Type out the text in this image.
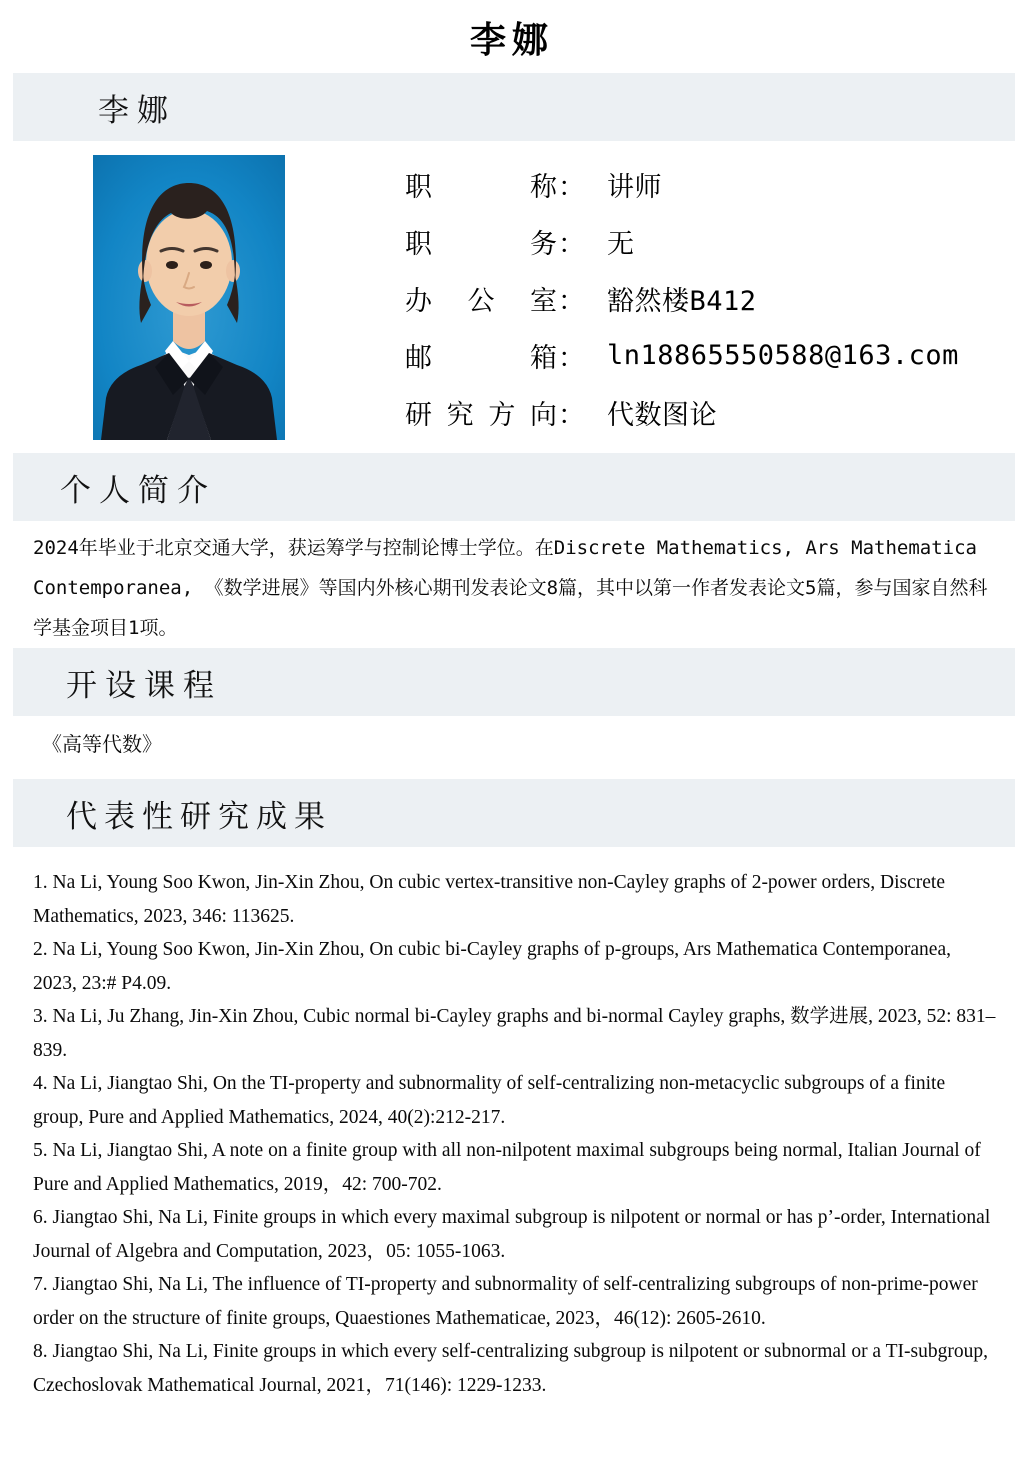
李娜
李娜
职称 ： 讲师
职务 ： 无
办公室 ： 豁然楼B412
邮箱 ： ln18865550588@163.com
研究方向 ： 代数图论
个人简介
2024年毕业于北京交通大学，获运筹学与控制论博士学位。在Discrete Mathematics, Ars Mathematica Contemporanea, 《数学进展》等国内外核心期刊发表论文8篇，其中以第一作者发表论文5篇，参与国家自然科学基金项目1项。
开设课程
《高等代数》
代表性研究成果
1. Na Li, Young Soo Kwon, Jin-Xin Zhou, On cubic vertex-transitive non-Cayley graphs of 2-power orders, Discrete Mathematics, 2023, 346: 113625.
2. Na Li, Young Soo Kwon, Jin-Xin Zhou, On cubic bi-Cayley graphs of p-groups, Ars Mathematica Contemporanea, 2023, 23:# P4.09.
3. Na Li, Ju Zhang, Jin-Xin Zhou, Cubic normal bi-Cayley graphs and bi-normal Cayley graphs, 数学进展, 2023, 52: 831–839.
4. Na Li, Jiangtao Shi, On the TI-property and subnormality of self-centralizing non-metacyclic subgroups of a finite group, Pure and Applied Mathematics, 2024, 40(2):212-217.
5. Na Li, Jiangtao Shi, A note on a finite group with all non-nilpotent maximal subgroups being normal, Italian Journal of Pure and Applied Mathematics, 2019，42: 700-702.
6. Jiangtao Shi, Na Li, Finite groups in which every maximal subgroup is nilpotent or normal or has p’-order, International Journal of Algebra and Computation, 2023，05: 1055-1063.
7. Jiangtao Shi, Na Li, The influence of TI-property and subnormality of self-centralizing subgroups of non-prime-power order on the structure of finite groups, Quaestiones Mathematicae, 2023，46(12): 2605-2610.
8. Jiangtao Shi, Na Li, Finite groups in which every self-centralizing subgroup is nilpotent or subnormal or a TI-subgroup, Czechoslovak Mathematical Journal, 2021，71(146): 1229-1233.
